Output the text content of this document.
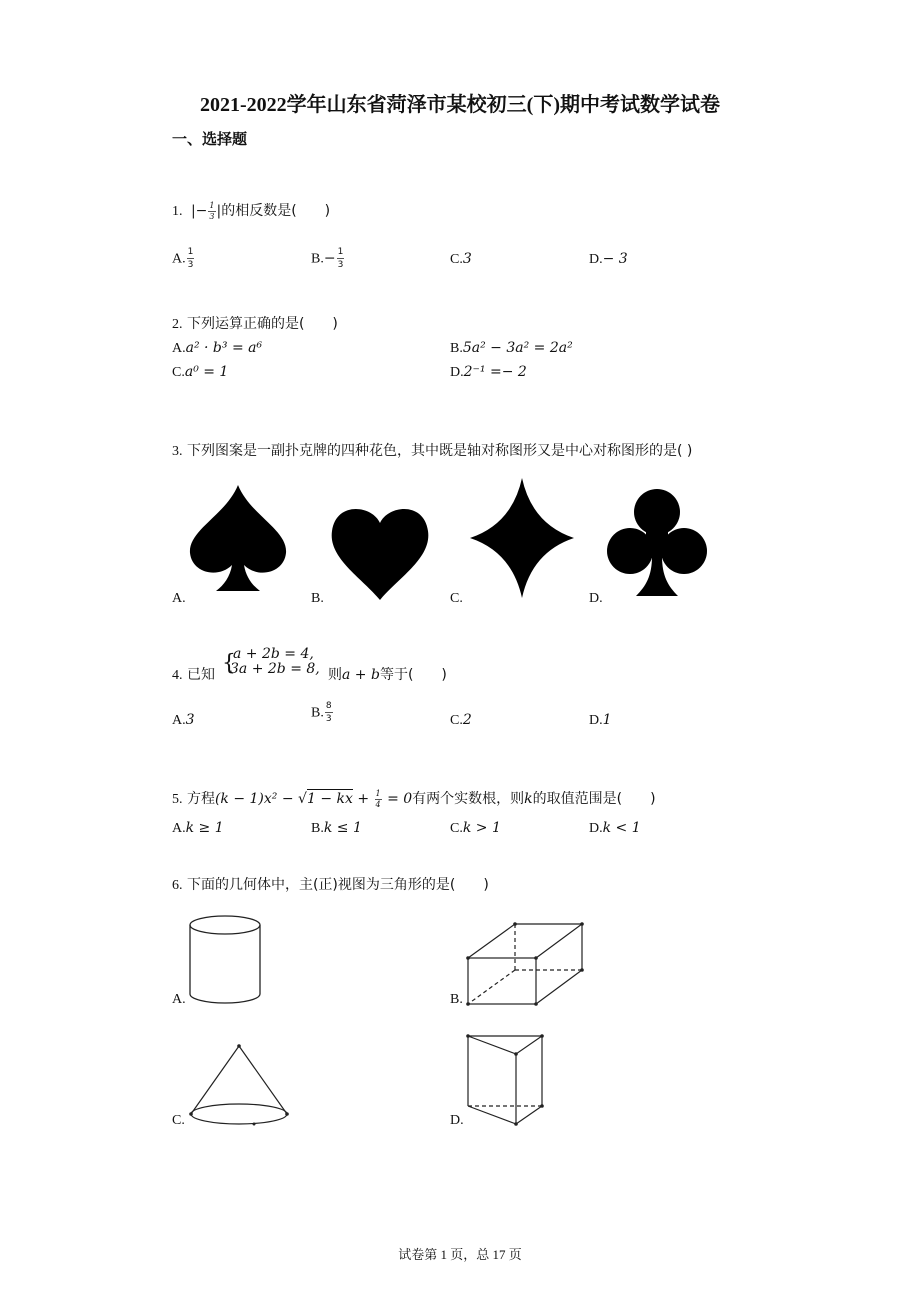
2021-2022学年山东省菏泽市某校初三(下)期中考试数学试卷
一、选择题
1. |− $\frac{1}{3}$ |的相反数是(　　)
A. $\frac{1}{3}$	$B.- \frac{1}{3}$	C.3	D.− 3
2. 下列运算正确的是(　　)
A.a² · b³ = a⁶	B.5a² − 3a² = 2a²
C.a⁰ = 1	D.2⁻¹ =− 2
3. 下列图案是一副扑克牌的四种花色，其中既是轴对称图形又是中心对称图形的是( )
A.	B.	C.	D.
4. 已知 {
a + 2b = 4,
3a + 2b = 8, 则a + b等于(　　)
A.3	B. $\frac{8}{3}$	C.2	D.1
5. 方程(k − 1)x² − √1 − kx + $\frac{1}{4} = 0$有两个实数根，则k的取值范围是(　　)
A.k ≥ 1	B.k ≤ 1	C.k > 1	D.k < 1
6. 下面的几何体中，主(正)视图为三角形的是(　　)
A.	B.
C.	D.
试卷第 1 页，总 17 页
